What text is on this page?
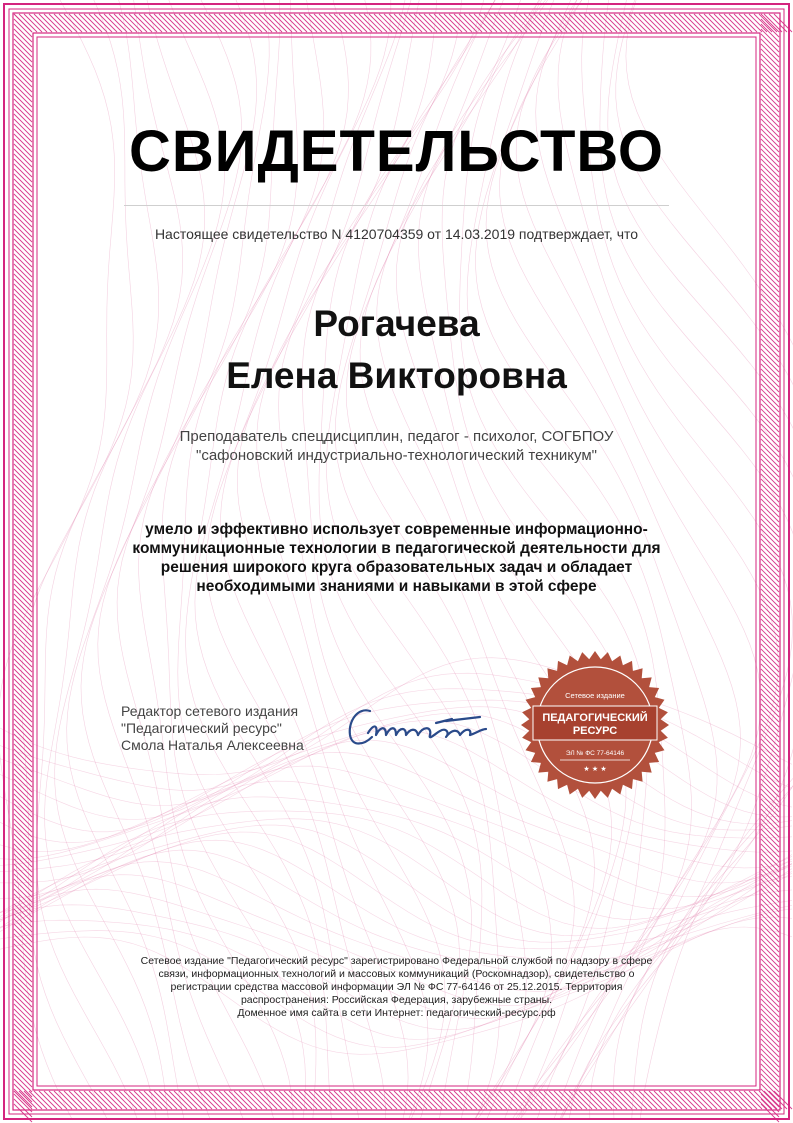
СВИДЕТЕЛЬСТВО
Настоящее свидетельство N 4120704359 от 14.03.2019 подтверждает, что
Рогачева
Елена Викторовна
Преподаватель спецдисциплин, педагог - психолог, СОГБПОУ
"сафоновский индустриально-технологический техникум"
умело и эффективно использует современные информационно-
коммуникационные технологии в педагогической деятельности для
решения широкого круга образовательных задач и обладает
необходимыми знаниями и навыками в этой сфере
Редактор сетевого издания
"Педагогический ресурс"
Смола Наталья Алексеевна
Сетевое издание
ПЕДАГОГИЧЕСКИЙ
РЕСУРС
ЭЛ № ФС 77-64146
★ ★ ★
Сетевое издание "Педагогический ресурс" зарегистрировано Федеральной службой по надзору в сфере
связи, информационных технологий и массовых коммуникаций (Роскомнадзор), свидетельство о
регистрации средства массовой информации ЭЛ № ФС 77-64146 от 25.12.2015. Территория
распространения: Российская Федерация, зарубежные страны.
Доменное имя сайта в сети Интернет: педагогический-ресурс.рф
